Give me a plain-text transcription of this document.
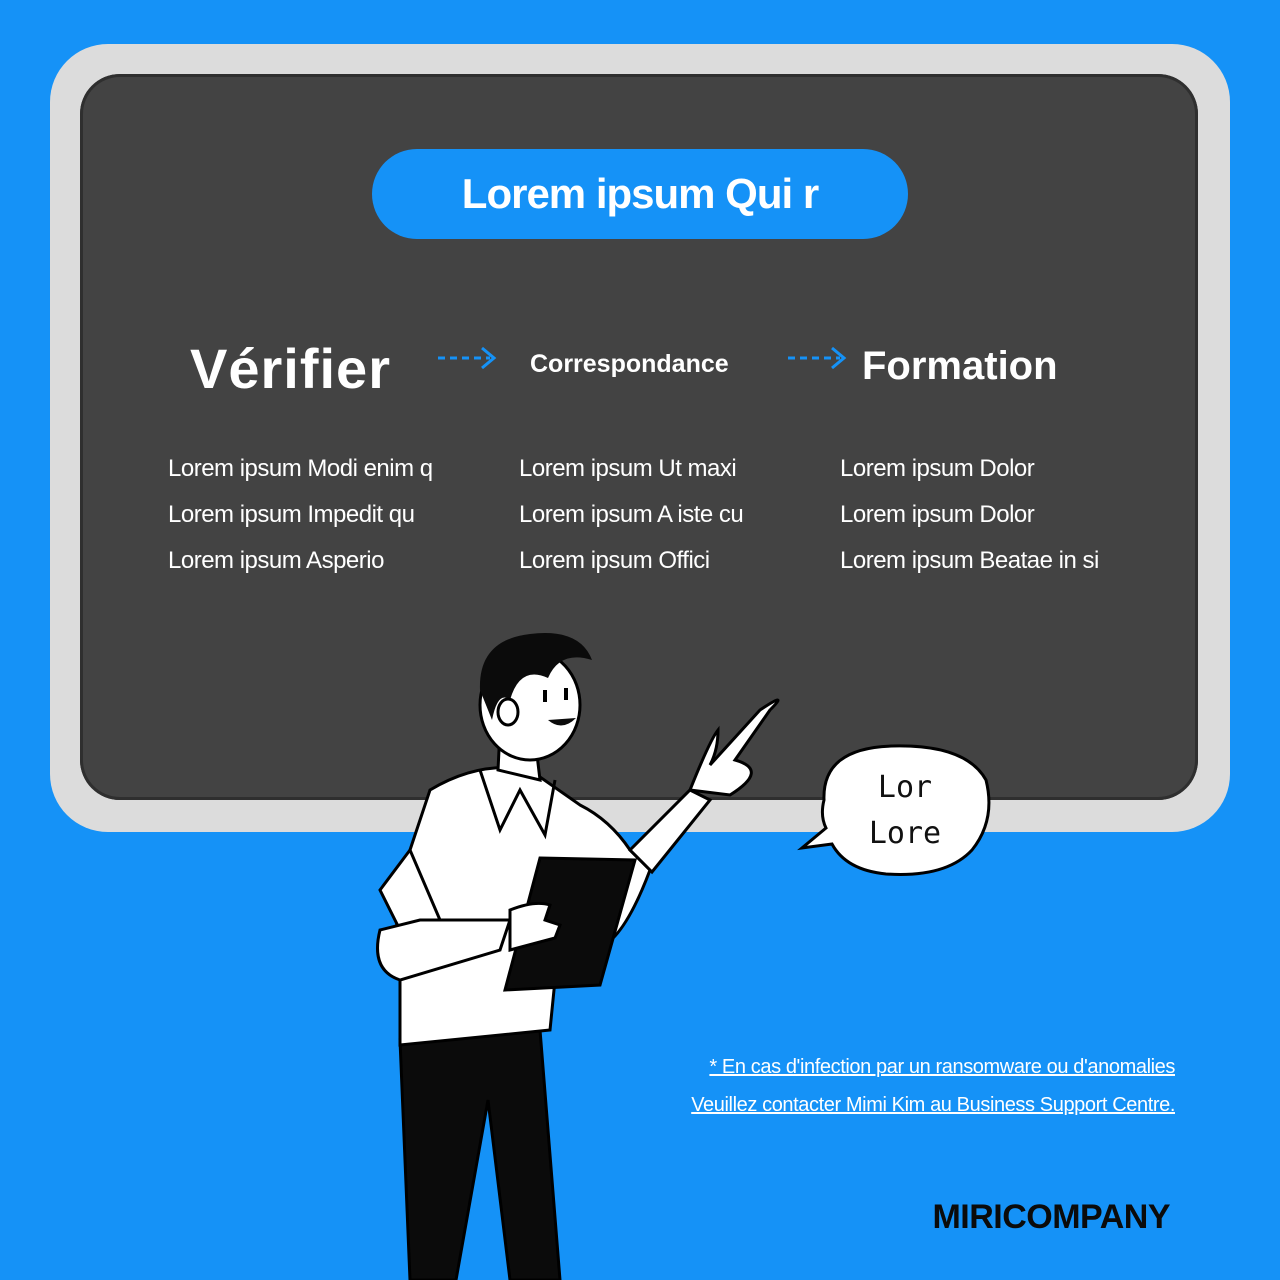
Lorem ipsum Qui r
Vérifier	Correspondance	Formation
Lorem ipsum Modi enim q
Lorem ipsum Impedit qu
Lorem ipsum Asperio
Lorem ipsum Ut maxi
Lorem ipsum A iste cu
Lorem ipsum Offici
Lorem ipsum Dolor
Lorem ipsum Dolor
Lorem ipsum Beatae in si
Lor
Lore
* En cas d'infection par un ransomware ou d'anomalies
Veuillez contacter Mimi Kim au Business Support Centre.
MIRICOMPANY
